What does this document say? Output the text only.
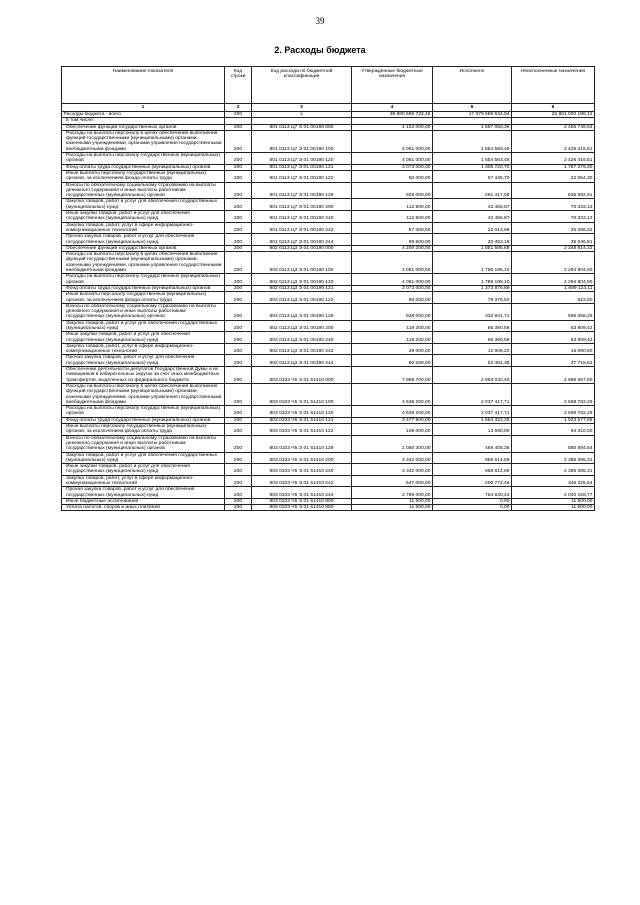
39
2. Расходы бюджета
Наименование показателя	Код строки	Код расхода по бюджетной классификации	Утвержденные бюджетные назначения	Исполнено	Неисполненные назначения
1	2	3	4	5	6
Расходы бюджета - всего	200	x	39 880 586 732,16	17 079 586 534,04	22 801 000 198,12
в том числе:					
Обеспечение функций государственных органов	200	801 0113 Ц7 Э 01 00190 000	4 153 000,00	1 697 050,36	2 455 749,64
Расходы на выплаты персоналу в целях обеспечения выполнения функций государственными (муниципальными) органами, казенными учреждениями, органами управления государственными внебюджетными фондами	200	801 0113 Ц7 Э 01 00190 100	4 081 000,00	1 654 583,49	2 426 416,51
Расходы на выплаты персоналу государственных (муниципальных) органов	200	801 0113 Ц7 Э 01 00190 120	4 081 000,00	1 654 583,49	2 426 416,51
Фонд оплаты труда государственных (муниципальных) органов	200	801 0113 Ц7 Э 01 00190 121	3 073 000,00	1 305 720,70	1 767 279,30
Иные выплаты персоналу государственных (муниципальных) органов, за исключением фонда оплаты труда	200	801 0113 Ц7 Э 01 00190 122	80 000,00	57 445,70	22 554,30
Взносы по обязательному социальному страхованию на выплаты денежного содержания и иные выплаты работникам государственных (муниципальных) органов	200	801 0113 Ц7 Э 01 00190 129	928 000,00	291 417,09	636 582,91
Закупка товаров, работ и услуг для обеспечения государственных (муниципальных) нужд	200	801 0113 Ц7 Э 01 00190 200	112 800,00	42 466,87	70 333,13
Иные закупки товаров, работ и услуг для обеспечения государственных (муниципальных) нужд	200	801 0113 Ц7 Э 01 00190 240	112 800,00	42 466,87	70 333,13
Закупка товаров, работ, услуг в сфере информационно-коммуникационных технологий	200	801 0113 Ц7 Э 01 00190 242	57 300,00	22 013,68	35 286,32
Прочая закупка товаров, работ и услуг для обеспечения государственных (муниципальных) нужд	200	801 0113 Ц7 Э 01 00190 244	55 500,00	20 453,19	35 046,81
Обеспечение функций государственных органов	200	802 0113 Ц3 Э 01 00190 000	4 200 200,00	1 851 585,68	2 348 614,32
Расходы на выплаты персоналу в целях обеспечения выполнения функций государственными (муниципальными) органами, казенными учреждениями, органами управления государственными внебюджетными фондами	200	802 0113 Ц3 Э 01 00190 100	4 081 000,00	1 786 195,10	2 294 804,90
Расходы на выплаты персоналу государственных (муниципальных) органов	200	802 0113 Ц3 Э 01 00190 120	4 081 000,00	1 786 195,10	2 294 804,90
Фонд оплаты труда государственных (муниципальных) органов	200	802 0113 Ц3 Э 01 00190 121	3 073 000,00	1 373 876,89	1 699 123,11
Иные выплаты персоналу государственных (муниципальных) органов, за исключением фонда оплаты труда	200	802 0113 Ц3 Э 01 00190 122	80 000,00	79 376,50	623,50
Взносы по обязательному социальному страхованию на выплаты денежного содержания и иные выплаты работникам государственных (муниципальных) органов	200	802 0113 Ц3 Э 01 00190 129	928 000,00	332 941,71	595 058,29
Закупка товаров, работ и услуг для обеспечения государственных (муниципальных) нужд	200	802 0113 Ц3 Э 01 00190 200	119 200,00	65 390,58	53 809,42
Иные закупки товаров, работ и услуг для обеспечения государственных (муниципальных) нужд	200	802 0113 Ц3 Э 01 00190 240	119 200,00	65 390,58	53 809,42
Закупка товаров, работ, услуг в сфере информационно-коммуникационных технологий	200	802 0113 Ц3 Э 01 00190 242	29 000,00	12 909,20	16 090,80
Прочая закупка товаров, работ и услуг для обеспечения государственных (муниципальных) нужд	200	802 0113 Ц3 Э 01 00190 244	90 200,00	52 481,38	37 718,62
Обеспечение деятельности депутатов Государственной Думы и их помощников в избирательных округах за счет иных межбюджетных трансфертов, выделенных из федерального бюджета	200	803 0103 Ч5 Э 01 51410 000	7 989 700,00	2 993 032,40	4 996 667,60
Расходы на выплаты персоналу в целях обеспечения выполнения функций государственными (муниципальными) органами, казенными учреждениями, органами управления государственными внебюджетными фондами	200	803 0103 Ч5 Э 01 51410 100	4 636 200,00	2 037 417,71	2 598 782,29
Расходы на выплаты персоналу государственных (муниципальных) органов	200	803 0103 Ч5 Э 01 51410 120	4 636 200,00	2 037 417,71	2 598 782,29
Фонд оплаты труда государственных (муниципальных) органов	200	803 0103 Ч5 Э 01 51410 121	3 477 900,00	1 554 322,35	1 923 577,65
Иные выплаты персоналу государственных (муниципальных) органов, за исключением фонда оплаты труда	200	803 0103 Ч5 Э 01 51410 122	108 000,00	13 690,00	94 310,00
Взносы по обязательному социальному страхованию на выплаты денежного содержания и иные выплаты работникам государственных (муниципальных) органов	200	803 0103 Ч5 Э 01 51410 129	1 050 300,00	469 405,36	580 894,64
Закупка товаров, работ и услуг для обеспечения государственных (муниципальных) нужд	200	803 0103 Ч5 Э 01 51410 200	3 342 000,00	955 614,69	2 386 385,31
Иные закупки товаров, работ и услуг для обеспечения государственных (муниципальных) нужд	200	803 0103 Ч5 Э 01 51410 240	3 342 000,00	955 614,69	2 386 385,31
Закупка товаров, работ, услуг в сфере информационно-коммуникационных технологий	200	803 0103 Ч5 Э 01 51410 242	547 000,00	200 774,46	346 225,54
Прочая закупка товаров, работ и услуг для обеспечения государственных (муниципальных) нужд	200	803 0103 Ч5 Э 01 51410 244	2 795 000,00	754 840,23	2 040 159,77
Иные бюджетные ассигнования	200	803 0103 Ч5 Э 01 51410 800	11 500,00	0,00	11 500,00
Уплата налогов, сборов и иных платежей	200	803 0103 Ч5 Э 01 51410 850	11 500,00	0,00	11 500,00
